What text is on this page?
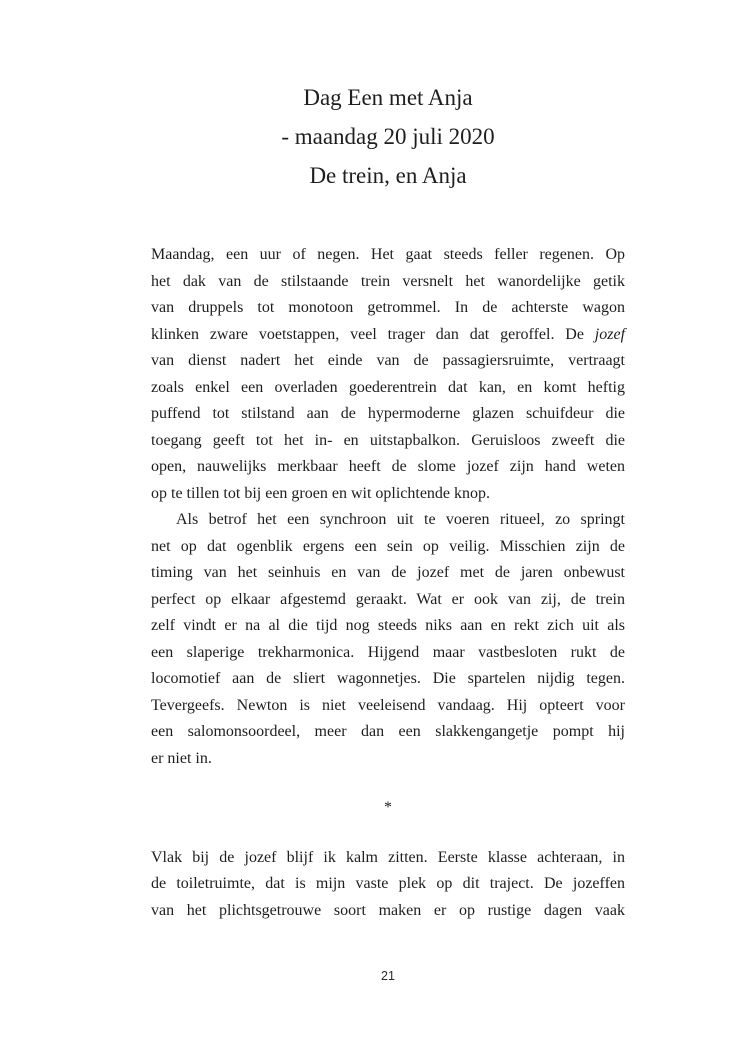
Dag Een met Anja
- maandag 20 juli 2020
De trein, en Anja
Maandag, een uur of negen. Het gaat steeds feller regenen. Op
het dak van de stilstaande trein versnelt het wanordelijke getik
van druppels tot monotoon getrommel. In de achterste wagon
klinken zware voetstappen, veel trager dan dat geroffel. De jozef
van dienst nadert het einde van de passagiersruimte, vertraagt
zoals enkel een overladen goederentrein dat kan, en komt heftig
puffend tot stilstand aan de hypermoderne glazen schuifdeur die
toegang geeft tot het in- en uitstapbalkon. Geruisloos zweeft die
open, nauwelijks merkbaar heeft de slome jozef zijn hand weten
op te tillen tot bij een groen en wit oplichtende knop.
Als betrof het een synchroon uit te voeren ritueel, zo springt
net op dat ogenblik ergens een sein op veilig. Misschien zijn de
timing van het seinhuis en van de jozef met de jaren onbewust
perfect op elkaar afgestemd geraakt. Wat er ook van zij, de trein
zelf vindt er na al die tijd nog steeds niks aan en rekt zich uit als
een slaperige trekharmonica. Hijgend maar vastbesloten rukt de
locomotief aan de sliert wagonnetjes. Die spartelen nijdig tegen.
Tevergeefs. Newton is niet veeleisend vandaag. Hij opteert voor
een salomonsoordeel, meer dan een slakkengangetje pompt hij
er niet in.
*
Vlak bij de jozef blijf ik kalm zitten. Eerste klasse achteraan, in
de toiletruimte, dat is mijn vaste plek op dit traject. De jozeffen
van het plichtsgetrouwe soort maken er op rustige dagen vaak
21
